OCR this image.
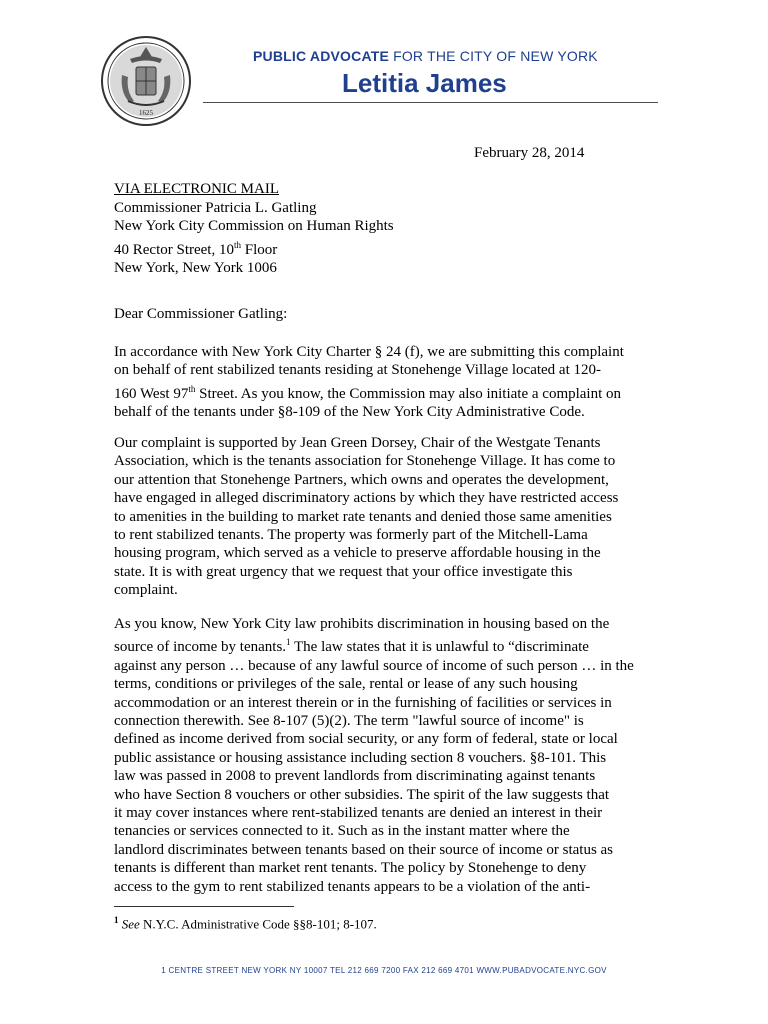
1625
PUBLIC ADVOCATE FOR THE CITY OF NEW YORK
Letitia James
February 28, 2014
VIA ELECTRONIC MAIL
Commissioner Patricia L. Gatling
New York City Commission on Human Rights
40 Rector Street, 10th Floor
New York, New York 1006
Dear Commissioner Gatling:
In accordance with New York City Charter § 24 (f), we are submitting this complaint
on behalf of rent stabilized tenants residing at Stonehenge Village located at 120-
160 West 97th Street. As you know, the Commission may also initiate a complaint on
behalf of the tenants under §8-109 of the New York City Administrative Code.
Our complaint is supported by Jean Green Dorsey, Chair of the Westgate Tenants
Association, which is the tenants association for Stonehenge Village. It has come to
our attention that Stonehenge Partners, which owns and operates the development,
have engaged in alleged discriminatory actions by which they have restricted access
to amenities in the building to market rate tenants and denied those same amenities
to rent stabilized tenants. The property was formerly part of the Mitchell-Lama
housing program, which served as a vehicle to preserve affordable housing in the
state. It is with great urgency that we request that your office investigate this
complaint.
As you know, New York City law prohibits discrimination in housing based on the
source of income by tenants.$^1$ The law states that it is unlawful to “discriminate
against any person … because of any lawful source of income of such person … in the
terms, conditions or privileges of the sale, rental or lease of any such housing
accommodation or an interest therein or in the furnishing of facilities or services in
connection therewith. See 8-107 (5)(2). The term "lawful source of income" is
defined as income derived from social security, or any form of federal, state or local
public assistance or housing assistance including section 8 vouchers. §8-101. This
law was passed in 2008 to prevent landlords from discriminating against tenants
who have Section 8 vouchers or other subsidies. The spirit of the law suggests that
it may cover instances where rent-stabilized tenants are denied an interest in their
tenancies or services connected to it. Such as in the instant matter where the
landlord discriminates between tenants based on their source of income or status as
tenants is different than market rent tenants. The policy by Stonehenge to deny
access to the gym to rent stabilized tenants appears to be a violation of the anti-
$^1$ See N.Y.C. Administrative Code §§8-101; 8-107.
1 CENTRE STREET NEW YORK NY 10007 TEL 212 669 7200 FAX 212 669 4701 WWW.PUBADVOCATE.NYC.GOV
